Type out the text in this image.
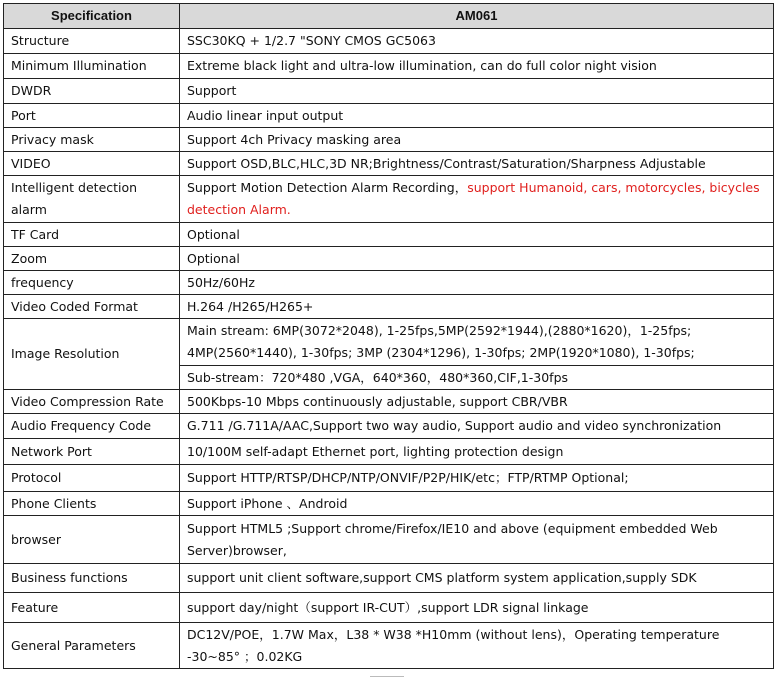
Specification	AM061
Structure	SSC30KQ + 1/2.7 "SONY CMOS GC5063
Minimum Illumination	Extreme black light and ultra-low illumination, can do full color night vision
DWDR	Support
Port	Audio linear input output
Privacy mask	Support 4ch Privacy masking area
VIDEO	Support OSD,BLC,HLC,3D NR;Brightness/Contrast/Saturation/Sharpness Adjustable
Intelligent detection alarm	Support Motion Detection Alarm Recording，support Humanoid, cars, motorcycles, bicycles detection Alarm.
TF Card	Optional
Zoom	Optional
frequency	50Hz/60Hz
Video Coded Format	H.264 /H265/H265+
Image Resolution	Main stream: 6MP(3072*2048), 1-25fps,5MP(2592*1944),(2880*1620)，1-25fps; 4MP(2560*1440), 1-30fps; 3MP (2304*1296), 1-30fps; 2MP(1920*1080), 1-30fps;
	Sub-stream：720*480 ,VGA，640*360，480*360,CIF,1-30fps
Video Compression Rate	500Kbps-10 Mbps continuously adjustable, support CBR/VBR
Audio Frequency Code	G.711 /G.711A/AAC,Support two way audio, Support audio and video synchronization
Network Port	10/100M self-adapt Ethernet port, lighting protection design
Protocol	Support HTTP/RTSP/DHCP/NTP/ONVIF/P2P/HIK/etc；FTP/RTMP Optional;
Phone Clients	Support iPhone 、Android
browser	Support HTML5 ;Support chrome/Firefox/IE10 and above (equipment embedded Web Server)browser,
Business functions	support unit client software,support CMS platform system application,supply SDK
Feature	support day/night（support IR-CUT）,support LDR signal linkage
General Parameters	DC12V/POE，1.7W Max，L38 * W38 *H10mm (without lens)，Operating temperature -30~85° ；0.02KG
